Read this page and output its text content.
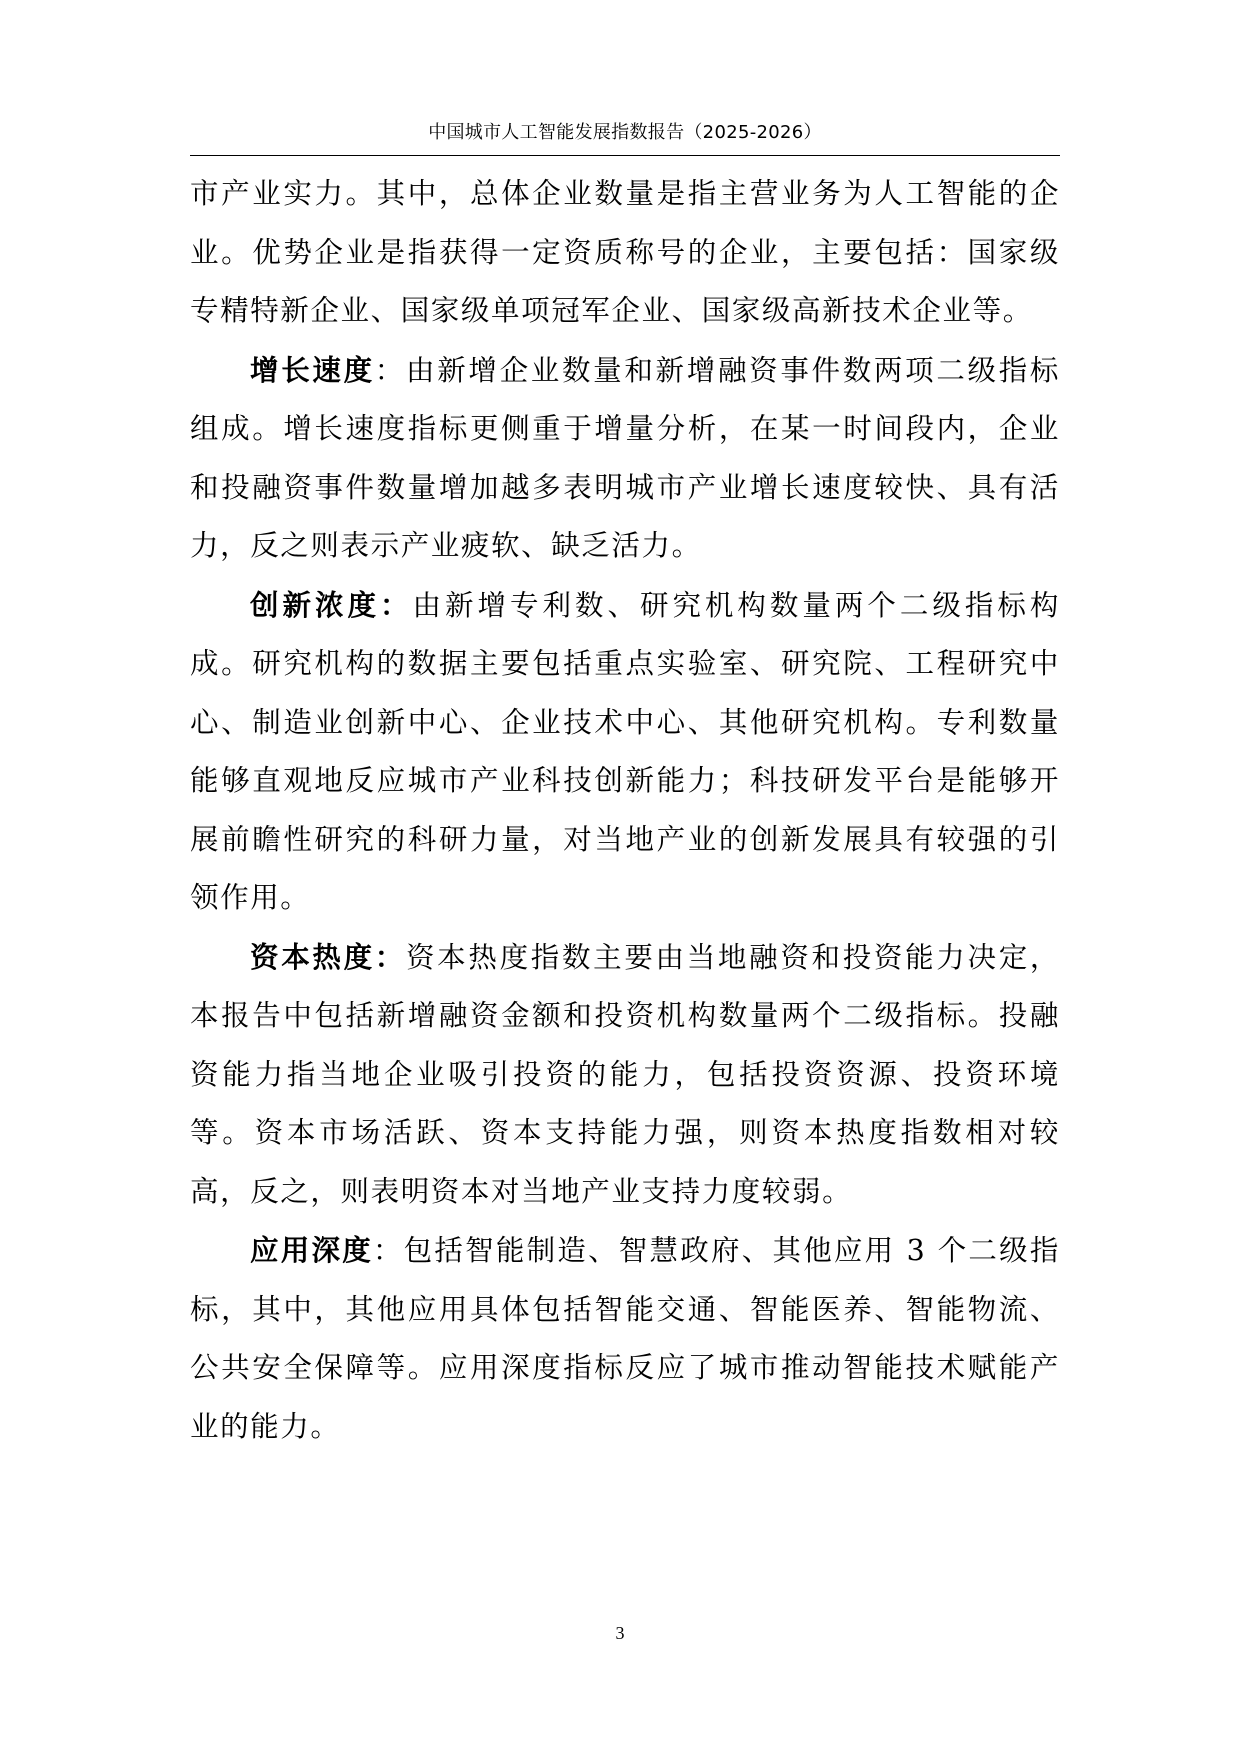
中国城市人工智能发展指数报告（2025-2026）

市产业实力。其中，总体企业数量是指主营业务为人工智能的企业。优势企业是指获得一定资质称号的企业，主要包括：国家级专精特新企业、国家级单项冠军企业、国家级高新技术企业等。

增长速度：由新增企业数量和新增融资事件数两项二级指标组成。增长速度指标更侧重于增量分析，在某一时间段内，企业和投融资事件数量增加越多表明城市产业增长速度较快、具有活力，反之则表示产业疲软、缺乏活力。

创新浓度：由新增专利数、研究机构数量两个二级指标构成。研究机构的数据主要包括重点实验室、研究院、工程研究中心、制造业创新中心、企业技术中心、其他研究机构。专利数量能够直观地反应城市产业科技创新能力；科技研发平台是能够开展前瞻性研究的科研力量，对当地产业的创新发展具有较强的引领作用。

资本热度：资本热度指数主要由当地融资和投资能力决定，本报告中包括新增融资金额和投资机构数量两个二级指标。投融资能力指当地企业吸引投资的能力，包括投资资源、投资环境等。资本市场活跃、资本支持能力强，则资本热度指数相对较高，反之，则表明资本对当地产业支持力度较弱。

应用深度：包括智能制造、智慧政府、其他应用 3 个二级指标，其中，其他应用具体包括智能交通、智能医养、智能物流、公共安全保障等。应用深度指标反应了城市推动智能技术赋能产业的能力。

3
